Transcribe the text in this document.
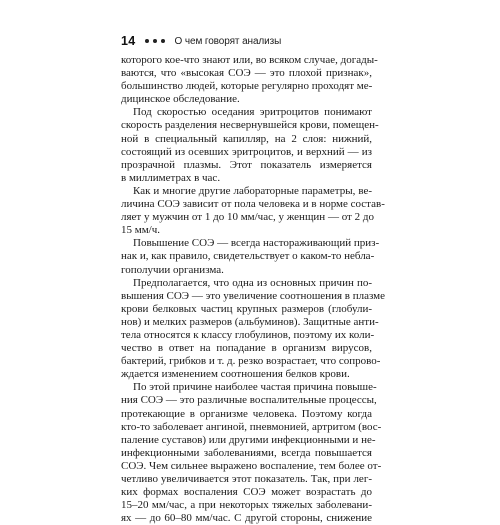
14	О чем говорят анализы
которого кое-что знают или, во всяком случае, догады-
ваются, что «высокая СОЭ — это плохой признак»,
большинство людей, которые регулярно проходят ме-
дицинское обследование.
Под скоростью оседания эритроцитов понимают
скорость разделения несвернувшейся крови, помещен-
ной в специальный капилляр, на 2 слоя: нижний,
состоящий из осевших эритроцитов, и верхний — из
прозрачной плазмы. Этот показатель измеряется
в миллиметрах в час.
Как и многие другие лабораторные параметры, ве-
личина СОЭ зависит от пола человека и в норме состав-
ляет у мужчин от 1 до 10 мм/час, у женщин — от 2 до
15 мм/ч.
Повышение СОЭ — всегда настораживающий приз-
нак и, как правило, свидетельствует о каком-то небла-
гополучии организма.
Предполагается, что одна из основных причин по-
вышения СОЭ — это увеличение соотношения в плазме
крови белковых частиц крупных размеров (глобули-
нов) и мелких размеров (альбуминов). Защитные анти-
тела относятся к классу глобулинов, поэтому их коли-
чество в ответ на попадание в организм вирусов,
бактерий, грибков и т. д. резко возрастает, что сопрово-
ждается изменением соотношения белков крови.
По этой причине наиболее частая причина повыше-
ния СОЭ — это различные воспалительные процессы,
протекающие в организме человека. Поэтому когда
кто-то заболевает ангиной, пневмонией, артритом (вос-
паление суставов) или другими инфекционными и не-
инфекционными заболеваниями, всегда повышается
СОЭ. Чем сильнее выражено воспаление, тем более от-
четливо увеличивается этот показатель. Так, при лег-
ких формах воспаления СОЭ может возрастать до
15–20 мм/час, а при некоторых тяжелых заболевани-
ях — до 60–80 мм/час. С другой стороны, снижение
